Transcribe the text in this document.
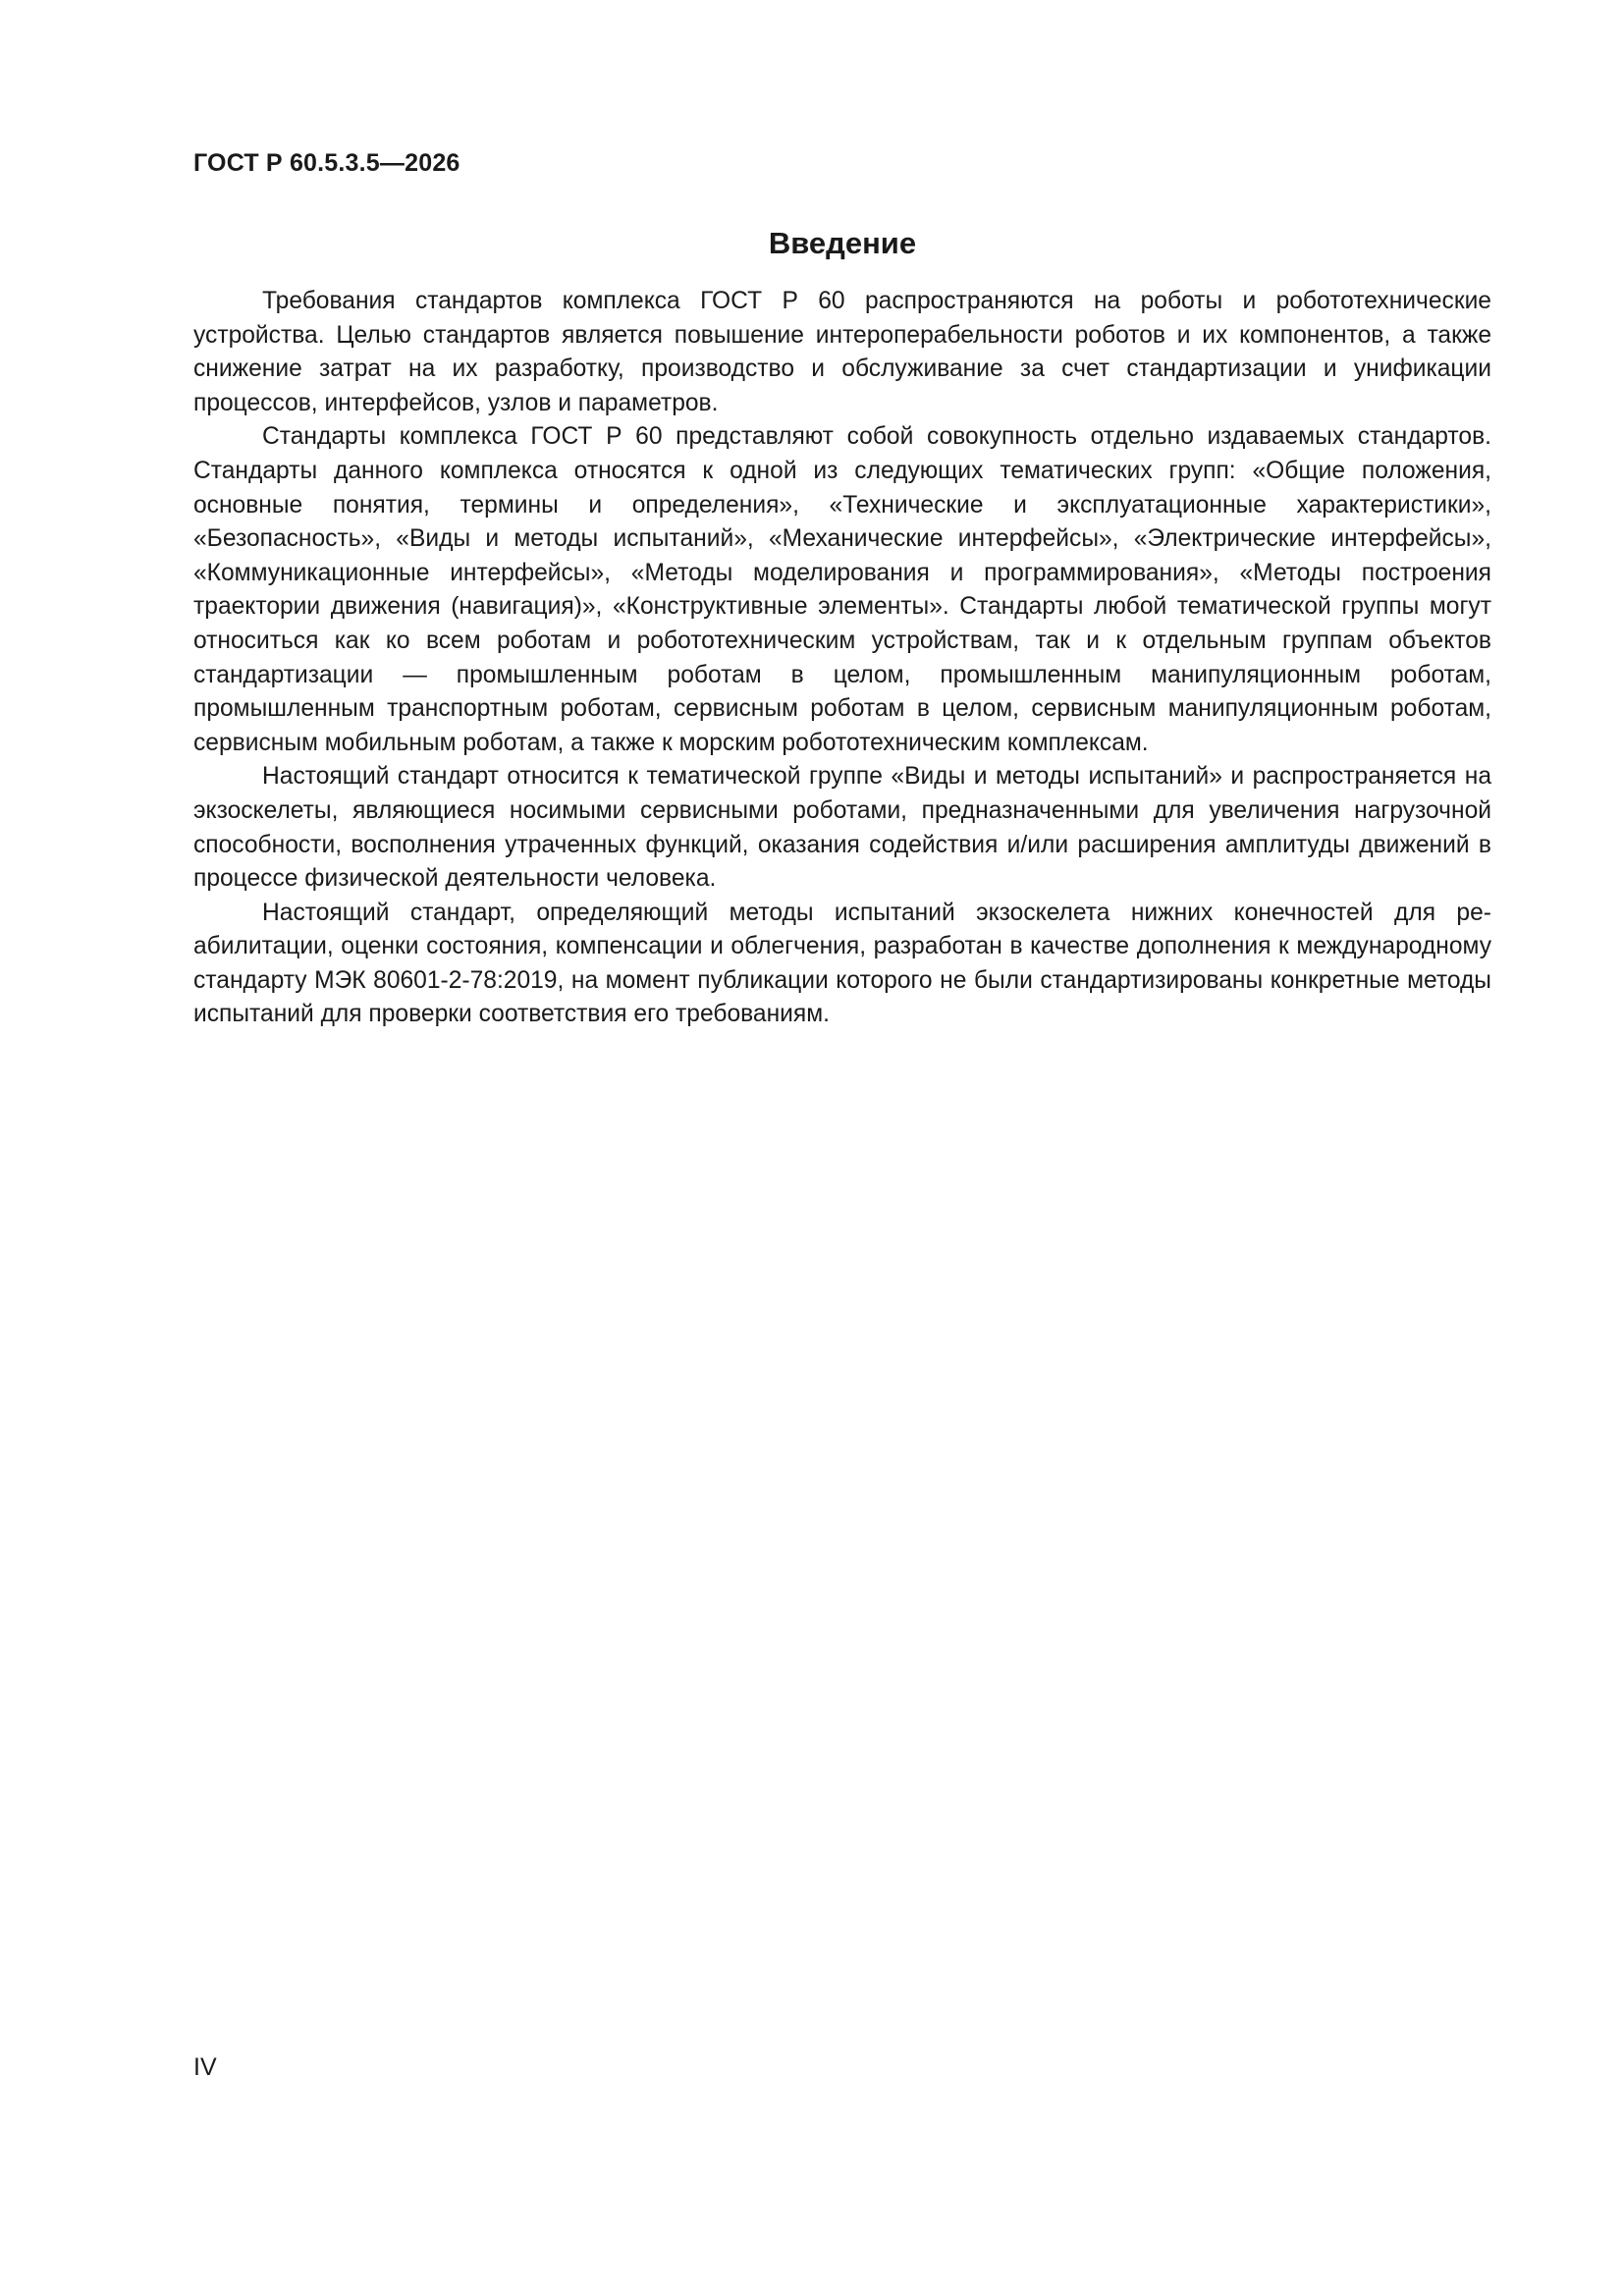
ГОСТ Р 60.5.3.5—2026
Введение

Требования стандартов комплекса ГОСТ Р 60 распространяются на роботы и робототехнические устройства. Целью стандартов является повышение интероперабельности роботов и их компонентов, а также снижение затрат на их разработку, производство и обслуживание за счет стандартизации и унификации процессов, интерфейсов, узлов и параметров.

Стандарты комплекса ГОСТ Р 60 представляют собой совокупность отдельно издаваемых стандартов. Стандарты данного комплекса относятся к одной из следующих тематических групп: «Общие положения, основные понятия, термины и определения», «Технические и эксплуатационные характеристики», «Безопасность», «Виды и методы испытаний», «Механические интерфейсы», «Электрические интерфейсы», «Коммуникационные интерфейсы», «Методы моделирования и программирования», «Методы построения траектории движения (навигация)», «Конструктивные элементы». Стандарты любой тематической группы могут относиться как ко всем роботам и робототехническим устройствам, так и к отдельным группам объектов стандартизации — промышленным роботам в целом, промышленным манипуляционным роботам, промышленным транспортным роботам, сервисным роботам в целом, сервисным манипуляционным роботам, сервисным мобильным роботам, а также к морским робототехническим комплексам.

Настоящий стандарт относится к тематической группе «Виды и методы испытаний» и распространяется на экзоскелеты, являющиеся носимыми сервисными роботами, предназначенными для увеличения нагрузочной способности, восполнения утраченных функций, оказания содействия и/или расширения амплитуды движений в процессе физической деятельности человека.

Настоящий стандарт, определяющий методы испытаний экзоскелета нижних конечностей для реабилитации, оценки состояния, компенсации и облегчения, разработан в качестве дополнения к международному стандарту МЭК 80601-2-78:2019, на момент публикации которого не были стандартизированы конкретные методы испытаний для проверки соответствия его требованиям.

IV
